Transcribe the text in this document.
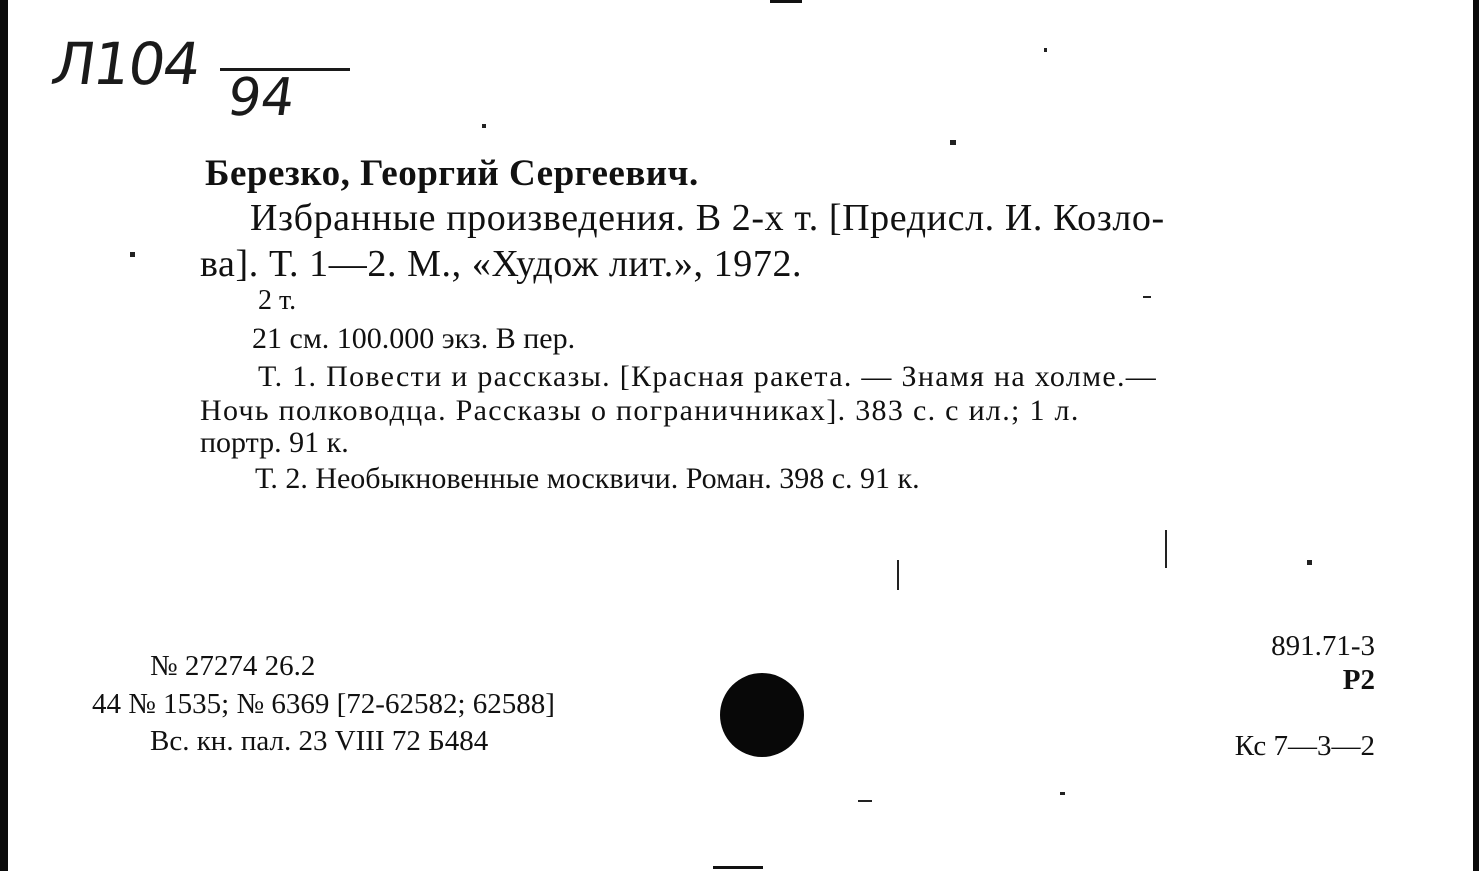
Л104 94
Березко, Георгий Сергеевич.
Избранные произведения. В 2-х т. [Предисл. И. Козло-
ва]. Т. 1—2. М., «Худож лит.», 1972.
2 т.
21 см. 100.000 экз. В пер.
Т. 1. Повести и рассказы. [Красная ракета. — Знамя на холме.—
Ночь полководца. Рассказы о пограничниках]. 383 с. с ил.; 1 л.
портр. 91 к.
Т. 2. Необыкновенные москвичи. Роман. 398 с. 91 к.
№ 27274 26.2
44 № 1535; № 6369 [72-62582; 62588]
Вс. кн. пал. 23 VIII 72 Б484
891.71-3
Р2
Кс 7—3—2
